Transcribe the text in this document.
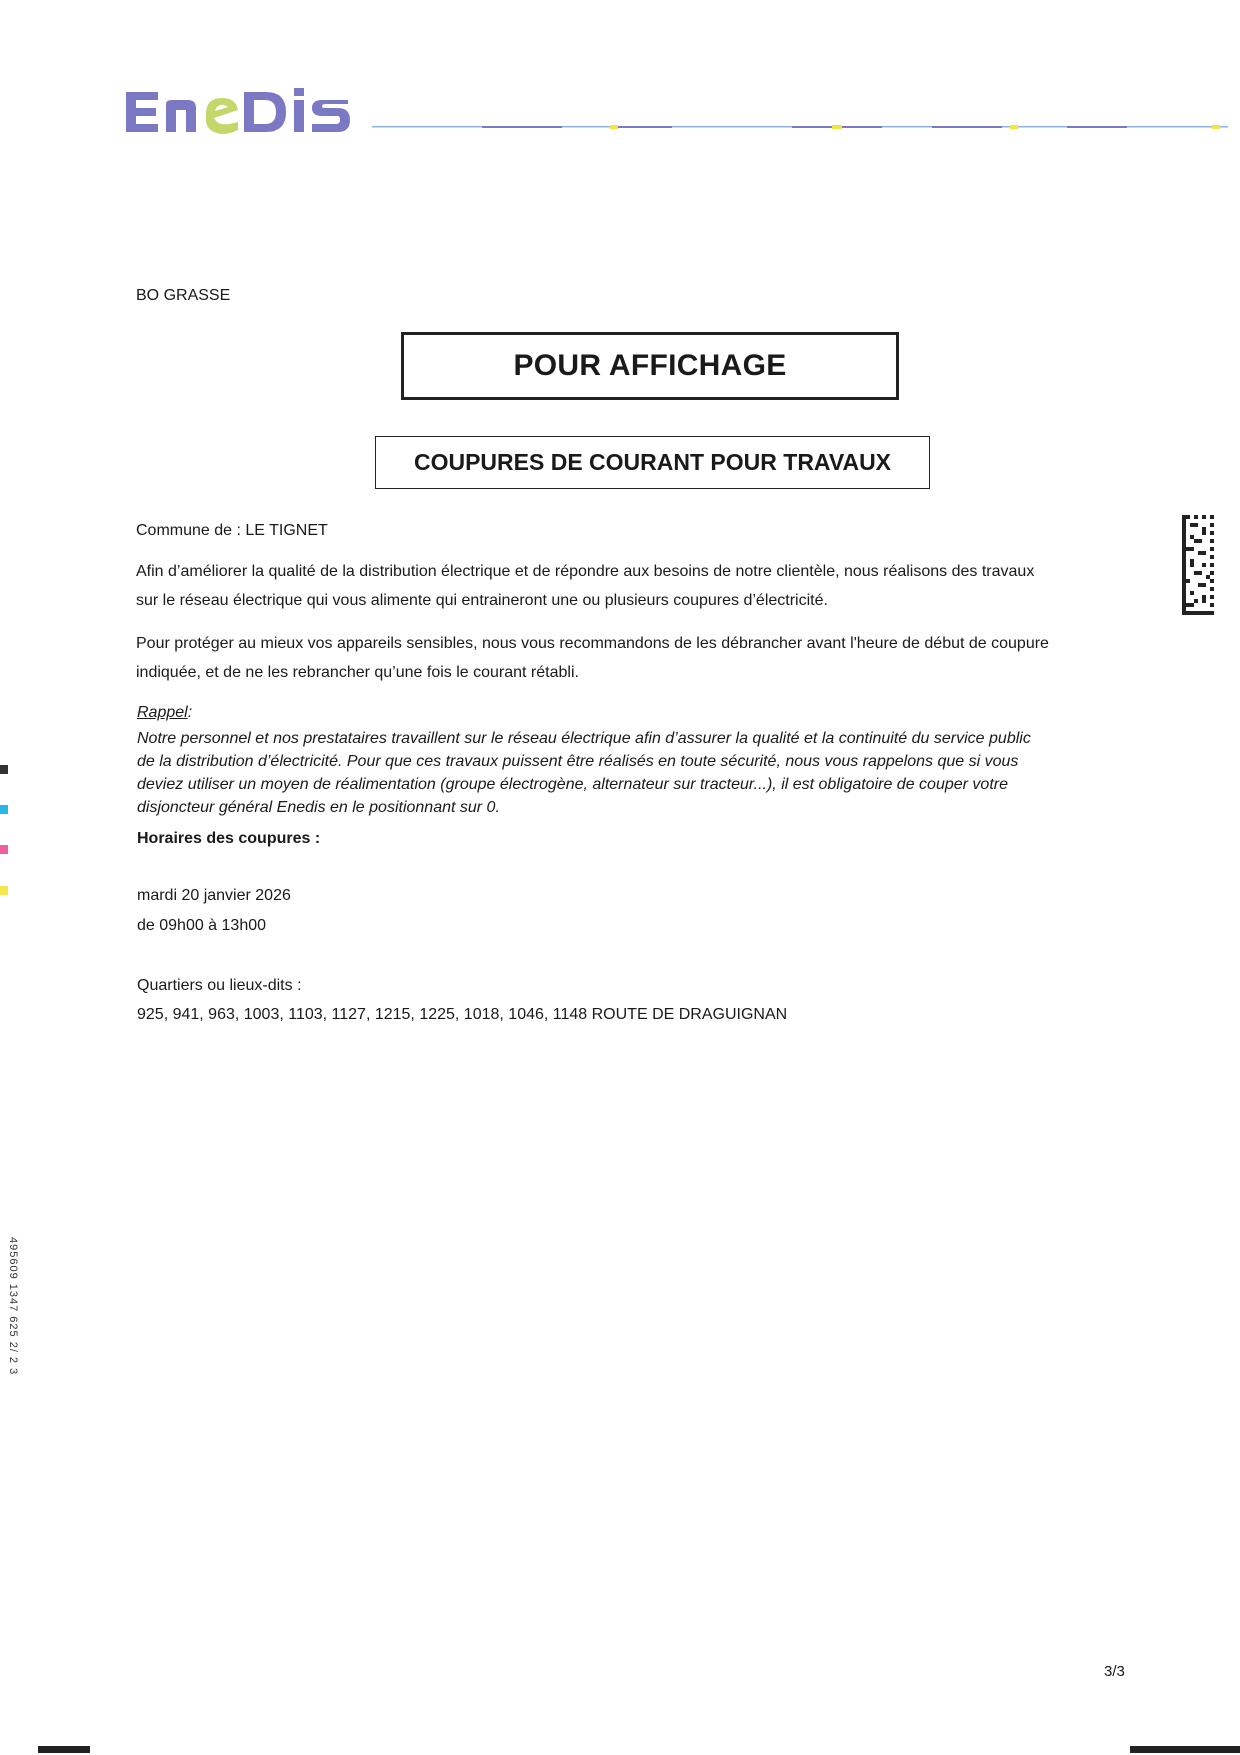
BO GRASSE
POUR AFFICHAGE
COUPURES DE COURANT POUR TRAVAUX
Commune de : LE TIGNET
Afin d’améliorer la qualité de la distribution électrique et de répondre aux besoins de notre clientèle, nous réalisons des travaux
sur le réseau électrique qui vous alimente qui entraineront une ou plusieurs coupures d’électricité.
Pour protéger au mieux vos appareils sensibles, nous vous recommandons de les débrancher avant l'heure de début de coupure
indiquée, et de ne les rebrancher qu’une fois le courant rétabli.
Rappel:
Notre personnel et nos prestataires travaillent sur le réseau électrique afin d’assurer la qualité et la continuité du service public
de la distribution d’électricité. Pour que ces travaux puissent être réalisés en toute sécurité, nous vous rappelons que si vous
deviez utiliser un moyen de réalimentation (groupe électrogène, alternateur sur tracteur...), il est obligatoire de couper votre
disjoncteur général Enedis en le positionnant sur 0.
Horaires des coupures :
mardi 20 janvier 2026
de 09h00 à 13h00
Quartiers ou lieux-dits :
925, 941, 963, 1003, 1103, 1127, 1215, 1225, 1018, 1046, 1148 ROUTE DE DRAGUIGNAN
3/3
495609 1347 625 2/ 2 3
